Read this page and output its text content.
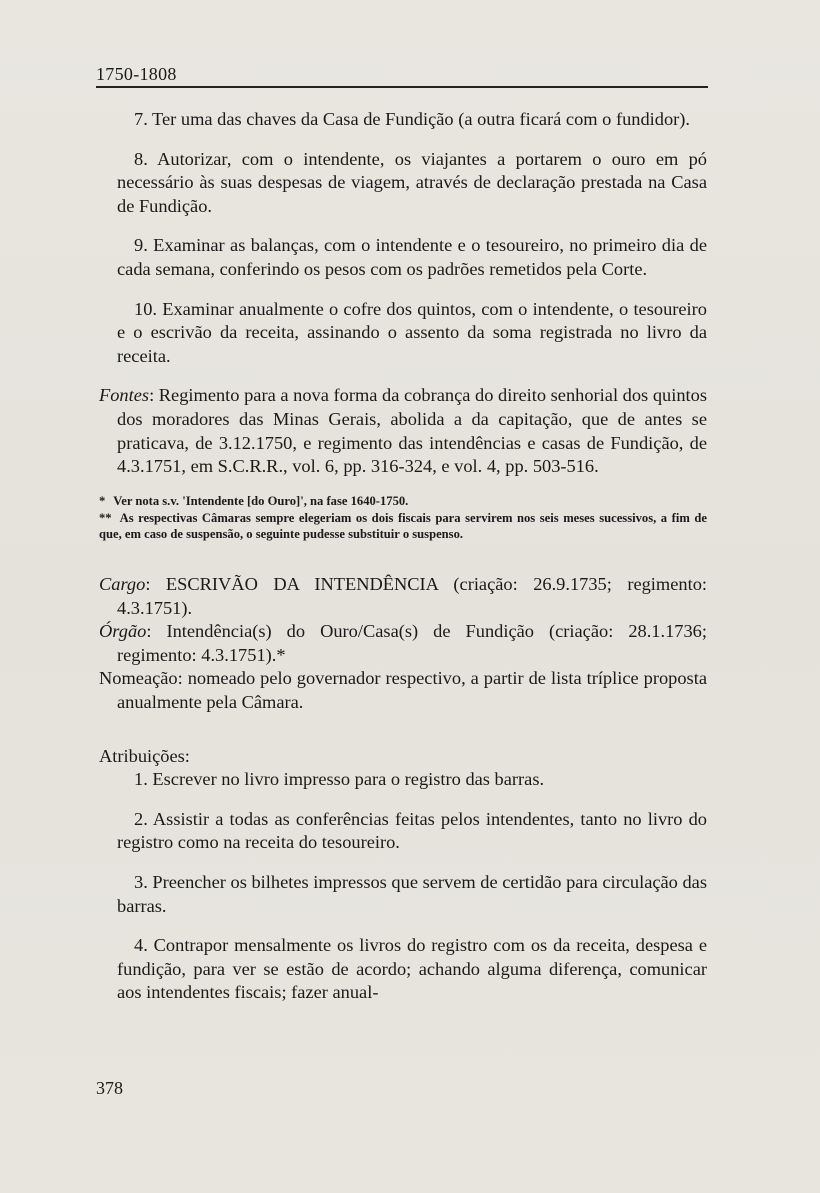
1750-1808

7. Ter uma das chaves da Casa de Fundição (a outra ficará com o fundidor).

8. Autorizar, com o intendente, os viajantes a portarem o ouro em pó necessário às suas despesas de viagem, através de declaração prestada na Casa de Fundição.

9. Examinar as balanças, com o intendente e o tesoureiro, no primeiro dia de cada semana, conferindo os pesos com os padrões remetidos pela Corte.

10. Examinar anualmente o cofre dos quintos, com o intendente, o tesoureiro e o escrivão da receita, assinando o assento da soma registrada no livro da receita.

Fontes: Regimento para a nova forma da cobrança do direito senhorial dos quintos dos moradores das Minas Gerais, abolida a da capitação, que de antes se praticava, de 3.12.1750, e regimento das intendências e casas de Fundição, de 4.3.1751, em S.C.R.R., vol. 6, pp. 316-324, e vol. 4, pp. 503-516.

* Ver nota s.v. 'Intendente [do Ouro]', na fase 1640-1750.

** As respectivas Câmaras sempre elegeriam os dois fiscais para servirem nos seis meses sucessivos, a fim de que, em caso de suspensão, o seguinte pudesse substituir o suspenso.

Cargo: ESCRIVÃO DA INTENDÊNCIA (criação: 26.9.1735; regimento: 4.3.1751).

Órgão: Intendência(s) do Ouro/Casa(s) de Fundição (criação: 28.1.1736; regimento: 4.3.1751).*

Nomeação: nomeado pelo governador respectivo, a partir de lista tríplice proposta anualmente pela Câmara.

Atribuições:

1. Escrever no livro impresso para o registro das barras.

2. Assistir a todas as conferências feitas pelos intendentes, tanto no livro do registro como na receita do tesoureiro.

3. Preencher os bilhetes impressos que servem de certidão para circulação das barras.

4. Contrapor mensalmente os livros do registro com os da receita, despesa e fundição, para ver se estão de acordo; achando alguma diferença, comunicar aos intendentes fiscais; fazer anual-

378
